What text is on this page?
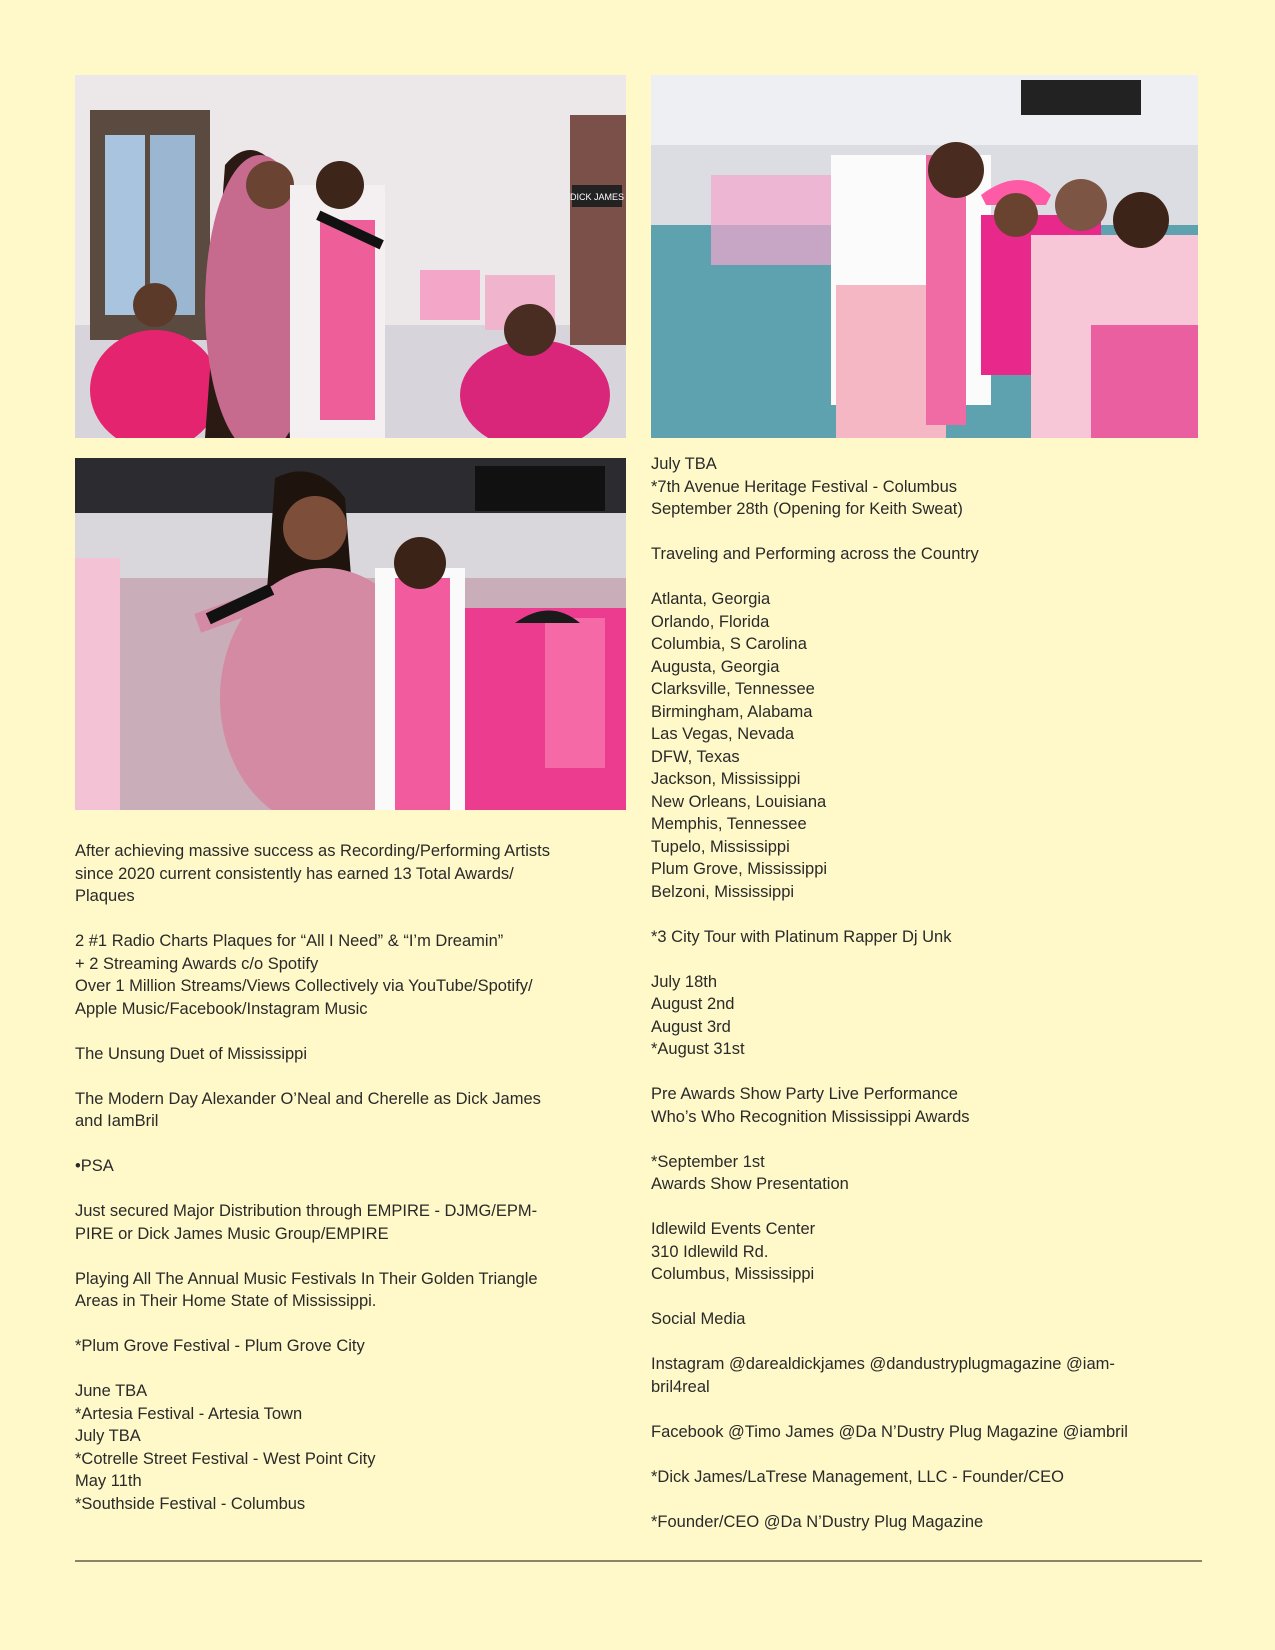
DICK JAMES
After achieving massive success as Recording/Performing Artists
since 2020 current consistently has earned 13 Total Awards/
Plaques
2 #1 Radio Charts Plaques for “All I Need” & “I’m Dreamin”
+ 2 Streaming Awards c/o Spotify
Over 1 Million Streams/Views Collectively via YouTube/Spotify/
Apple Music/Facebook/Instagram Music
The Unsung Duet of Mississippi
The Modern Day Alexander O’Neal and Cherelle as Dick James
and IamBril
•PSA
Just secured Major Distribution through EMPIRE - DJMG/EPM-
PIRE or Dick James Music Group/EMPIRE
Playing All The Annual Music Festivals In Their Golden Triangle
Areas in Their Home State of Mississippi.
*Plum Grove Festival - Plum Grove City
June TBA
*Artesia Festival - Artesia Town
July TBA
*Cotrelle Street Festival - West Point City
May 11th
*Southside Festival - Columbus
July TBA
*7th Avenue Heritage Festival - Columbus
September 28th (Opening for Keith Sweat)
Traveling and Performing across the Country
Atlanta, Georgia
Orlando, Florida
Columbia, S Carolina
Augusta, Georgia
Clarksville, Tennessee
Birmingham, Alabama
Las Vegas, Nevada
DFW, Texas
Jackson, Mississippi
New Orleans, Louisiana
Memphis, Tennessee
Tupelo, Mississippi
Plum Grove, Mississippi
Belzoni, Mississippi
*3 City Tour with Platinum Rapper Dj Unk
July 18th
August 2nd
August 3rd
*August 31st
Pre Awards Show Party Live Performance
Who’s Who Recognition Mississippi Awards
*September 1st
Awards Show Presentation
Idlewild Events Center
310 Idlewild Rd.
Columbus, Mississippi
Social Media
Instagram @darealdickjames @dandustryplugmagazine @iam-
bril4real
Facebook @Timo James @Da N’Dustry Plug Magazine @iambril
*Dick James/LaTrese Management, LLC - Founder/CEO
*Founder/CEO @Da N’Dustry Plug Magazine
